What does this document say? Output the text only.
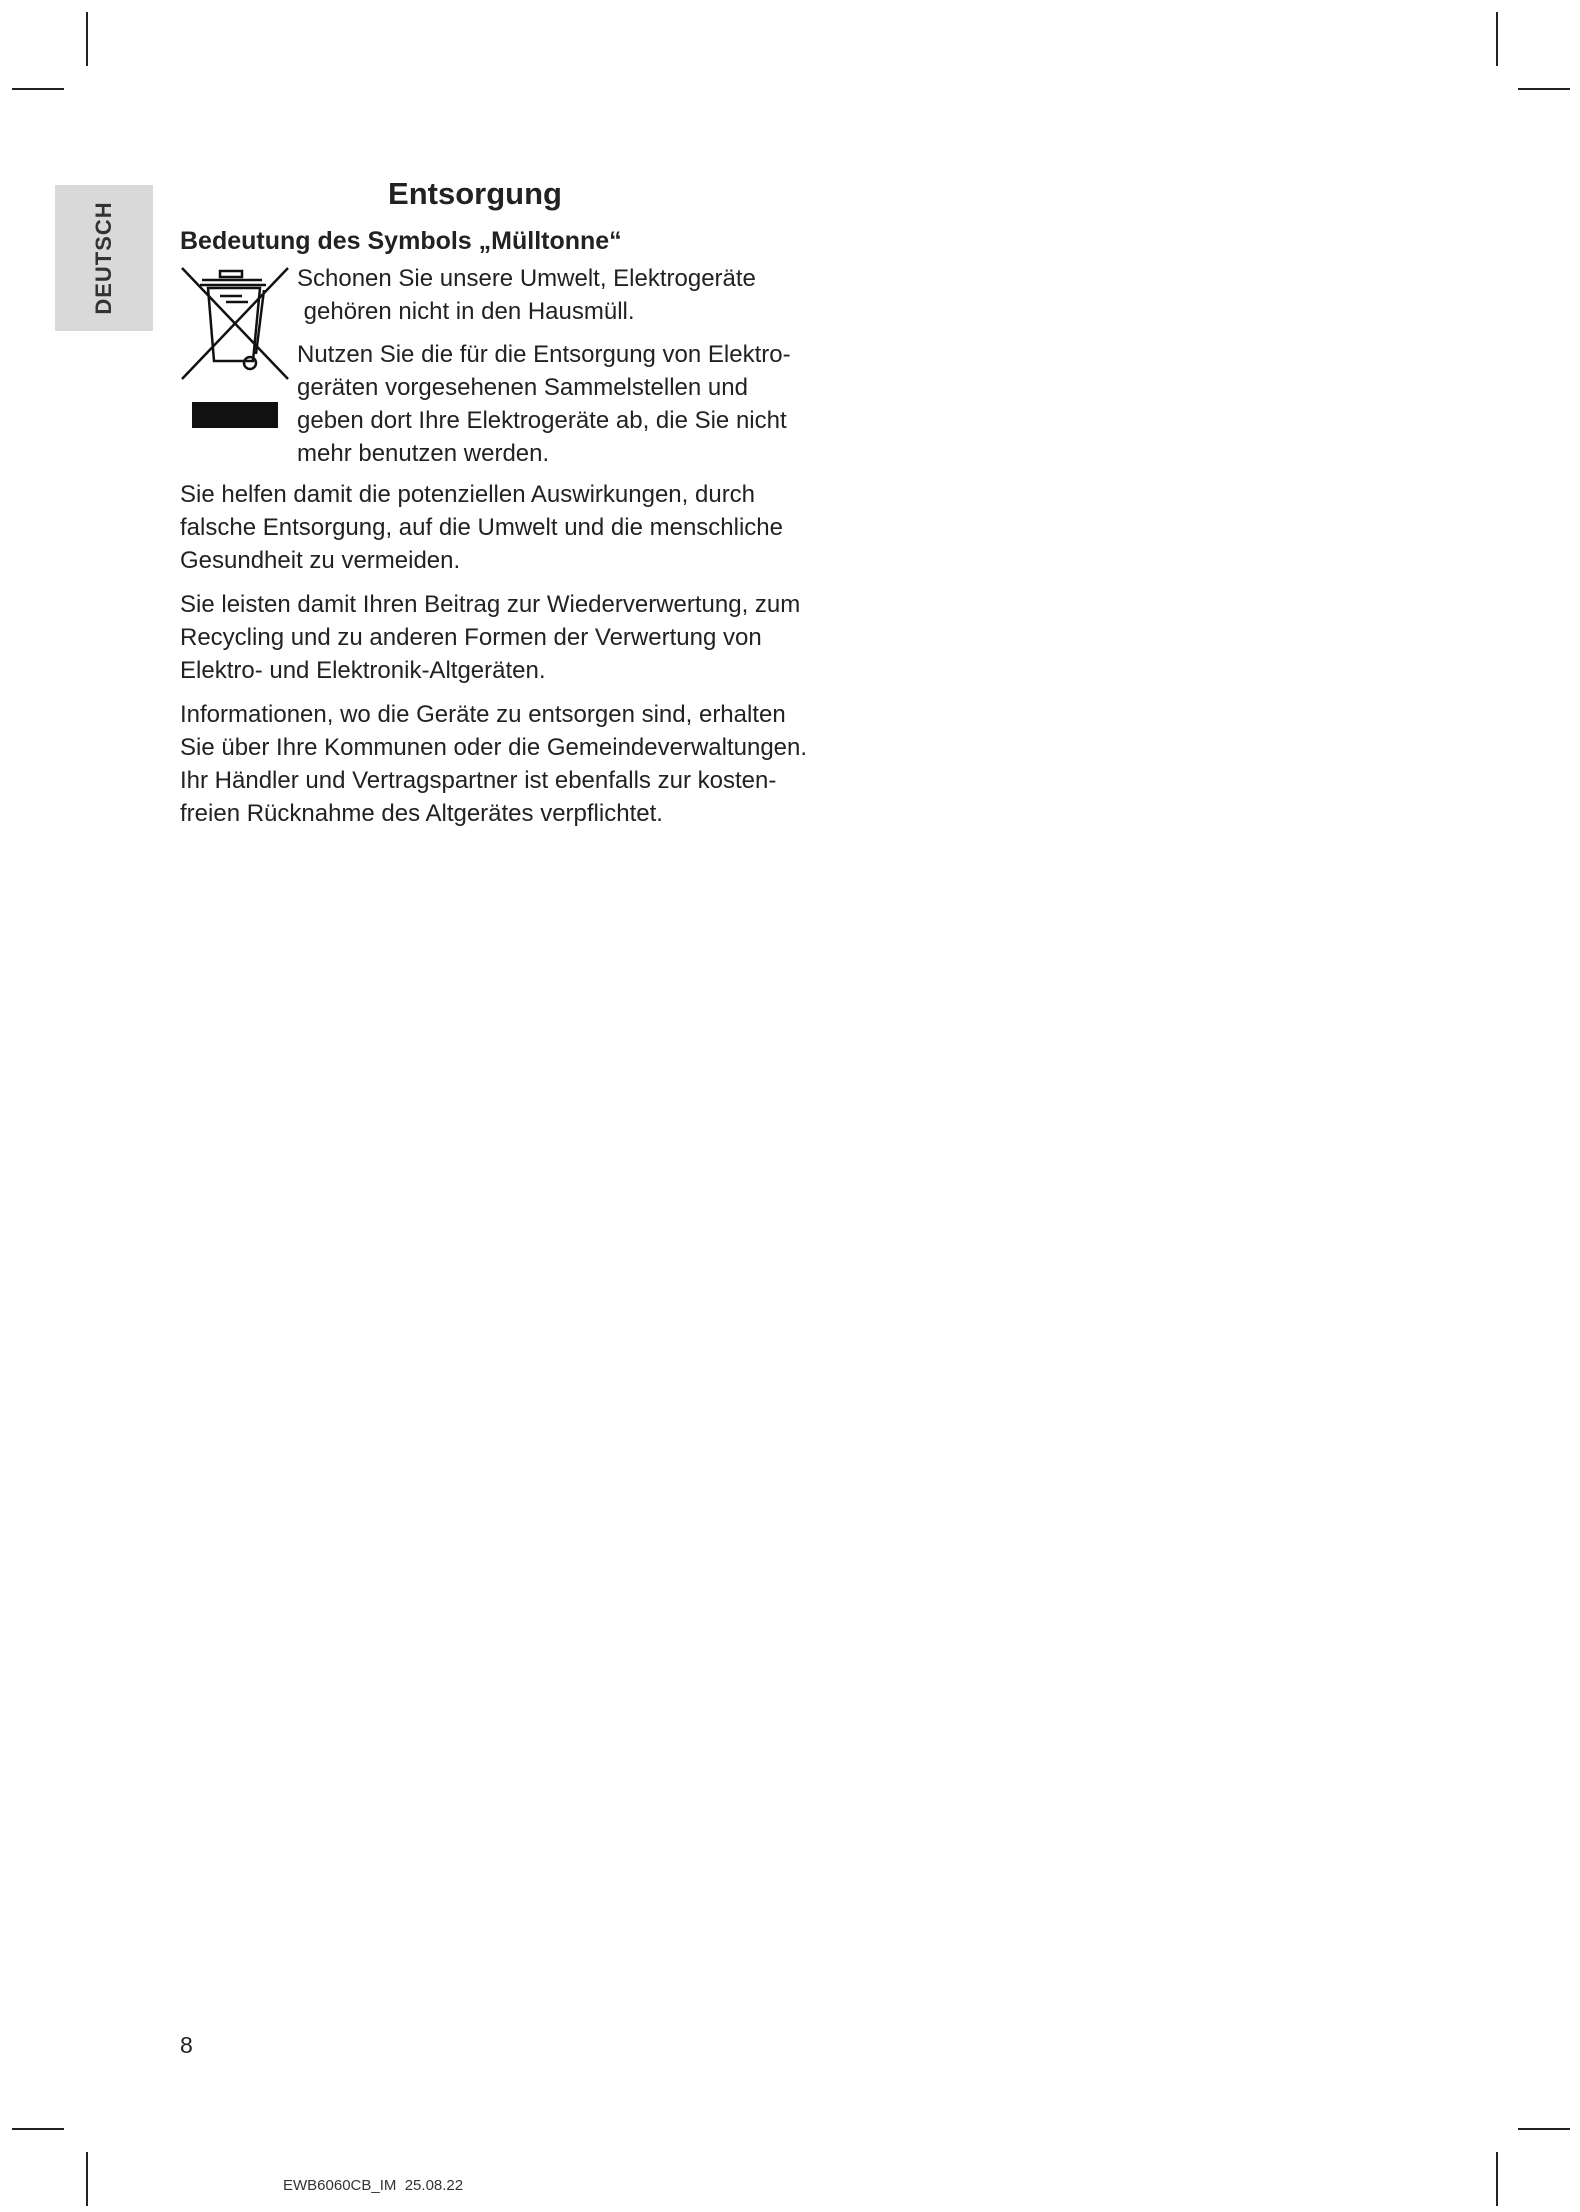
DEUTSCH
Entsorgung
Bedeutung des Symbols „Mülltonne“
Schonen Sie unsere Umwelt, Elektrogeräte
gehören nicht in den Hausmüll.
Nutzen Sie die für die Entsorgung von Elektro-
geräten vorgesehenen Sammelstellen und
geben dort Ihre Elektrogeräte ab, die Sie nicht
mehr benutzen werden.

Sie helfen damit die potenziellen Auswirkungen, durch
falsche Entsorgung, auf die Umwelt und die menschliche
Gesundheit zu vermeiden.

Sie leisten damit Ihren Beitrag zur Wiederverwertung, zum
Recycling und zu anderen Formen der Verwertung von
Elektro- und Elektronik-Altgeräten.

Informationen, wo die Geräte zu entsorgen sind, erhalten
Sie über Ihre Kommunen oder die Gemeindeverwaltungen.
Ihr Händler und Vertragspartner ist ebenfalls zur kosten-
freien Rücknahme des Altgerätes verpflichtet.

8
EWB6060CB_IM  25.08.22
